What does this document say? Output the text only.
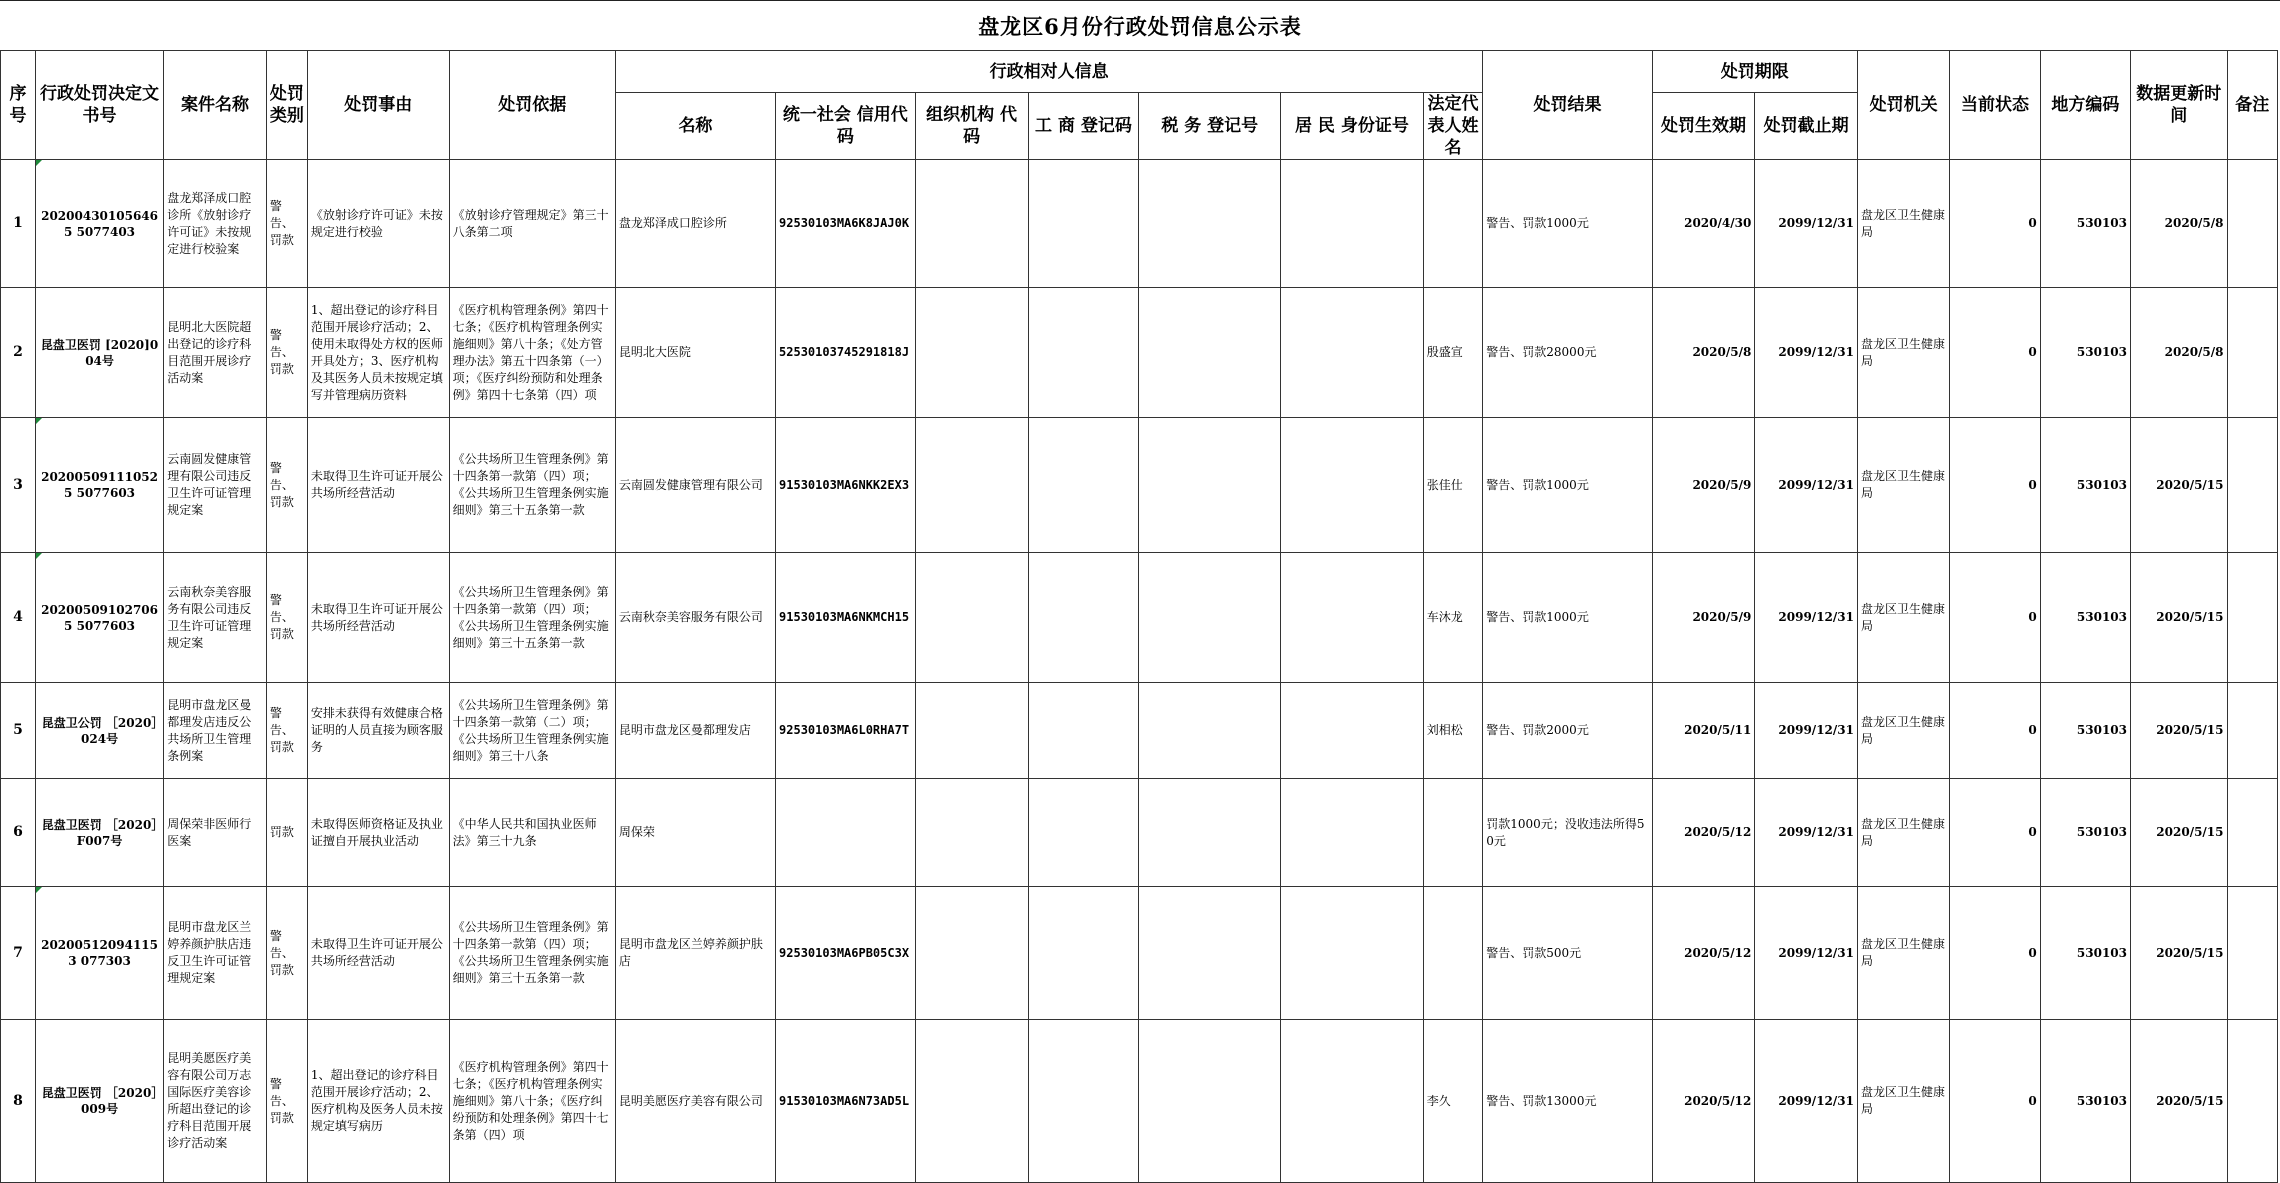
盘龙区6月份行政处罚信息公示表
序号	行政处罚决定文书号	案件名称	处罚类别	处罚事由	处罚依据	行政相对人信息							处罚结果	处罚期限		处罚机关	当前状态	地方编码	数据更新时间	备注
						名称	统一社会 信用代码	组织机构 代 码	工 商 登记码	税 务 登记号	居 民 身份证号	法定代表人姓名		处罚生效期	处罚截止期					
1	202004301056465 5077403	盘龙郑泽成口腔诊所《放射诊疗许可证》未按规定进行校验案	警告、罚款	《放射诊疗许可证》未按规定进行校验	《放射诊疗管理规定》第三十八条第二项	盘龙郑泽成口腔诊所	92530103MA6K8JAJ0K						警告、罚款1000元	2020/4/30	2099/12/31	盘龙区卫生健康局	0	530103	2020/5/8	
2	昆盘卫医罚 [2020]004号	昆明北大医院超出登记的诊疗科目范围开展诊疗活动案	警告、罚款	1、超出登记的诊疗科目范围开展诊疗活动；2、使用未取得处方权的医师开具处方；3、医疗机构及其医务人员未按规定填写并管理病历资料	《医疗机构管理条例》第四十七条；《医疗机构管理条例实施细则》第八十条；《处方管理办法》第五十四条第（一）项；《医疗纠纷预防和处理条例》第四十七条第（四）项	昆明北大医院	52530103745291818J					殷盛宣	警告、罚款28000元	2020/5/8	2099/12/31	盘龙区卫生健康局	0	530103	2020/5/8	
3	202005091110525 5077603	云南圆发健康管理有限公司违反卫生许可证管理规定案	警告、罚款	未取得卫生许可证开展公共场所经营活动	《公共场所卫生管理条例》第十四条第一款第（四）项；《公共场所卫生管理条例实施细则》第三十五条第一款	云南圆发健康管理有限公司	91530103MA6NKK2EX3					张佳仕	警告、罚款1000元	2020/5/9	2099/12/31	盘龙区卫生健康局	0	530103	2020/5/15	
4	202005091027065 5077603	云南秋奈美容服务有限公司违反卫生许可证管理规定案	警告、罚款	未取得卫生许可证开展公共场所经营活动	《公共场所卫生管理条例》第十四条第一款第（四）项；《公共场所卫生管理条例实施细则》第三十五条第一款	云南秋奈美容服务有限公司	91530103MA6NKMCH15					车沐龙	警告、罚款1000元	2020/5/9	2099/12/31	盘龙区卫生健康局	0	530103	2020/5/15	
5	昆盘卫公罚 ［2020］024号	昆明市盘龙区曼都理发店违反公共场所卫生管理条例案	警告、罚款	安排未获得有效健康合格证明的人员直接为顾客服务	《公共场所卫生管理条例》第十四条第一款第（二）项；《公共场所卫生管理条例实施细则》第三十八条	昆明市盘龙区曼都理发店	92530103MA6L0RHA7T					刘相松	警告、罚款2000元	2020/5/11	2099/12/31	盘龙区卫生健康局	0	530103	2020/5/15	
6	昆盘卫医罚 ［2020］F007号	周保荣非医师行医案	罚款	未取得医师资格证及执业证擅自开展执业活动	《中华人民共和国执业医师法》第三十九条	周保荣							罚款1000元；没收违法所得50元	2020/5/12	2099/12/31	盘龙区卫生健康局	0	530103	2020/5/15	
7	202005120941153 077303	昆明市盘龙区兰婷养颜护肤店违反卫生许可证管理规定案	警告、罚款	未取得卫生许可证开展公共场所经营活动	《公共场所卫生管理条例》第十四条第一款第（四）项；《公共场所卫生管理条例实施细则》第三十五条第一款	昆明市盘龙区兰婷养颜护肤店	92530103MA6PB05C3X						警告、罚款500元	2020/5/12	2099/12/31	盘龙区卫生健康局	0	530103	2020/5/15	
8	昆盘卫医罚 ［2020］009号	昆明美愿医疗美容有限公司万志国际医疗美容诊所超出登记的诊疗科目范围开展诊疗活动案	警告、罚款	1、超出登记的诊疗科目范围开展诊疗活动；2、医疗机构及医务人员未按规定填写病历	《医疗机构管理条例》第四十七条；《医疗机构管理条例实施细则》第八十条；《医疗纠纷预防和处理条例》第四十七条第（四）项	昆明美愿医疗美容有限公司	91530103MA6N73AD5L					李久	警告、罚款13000元	2020/5/12	2099/12/31	盘龙区卫生健康局	0	530103	2020/5/15	
